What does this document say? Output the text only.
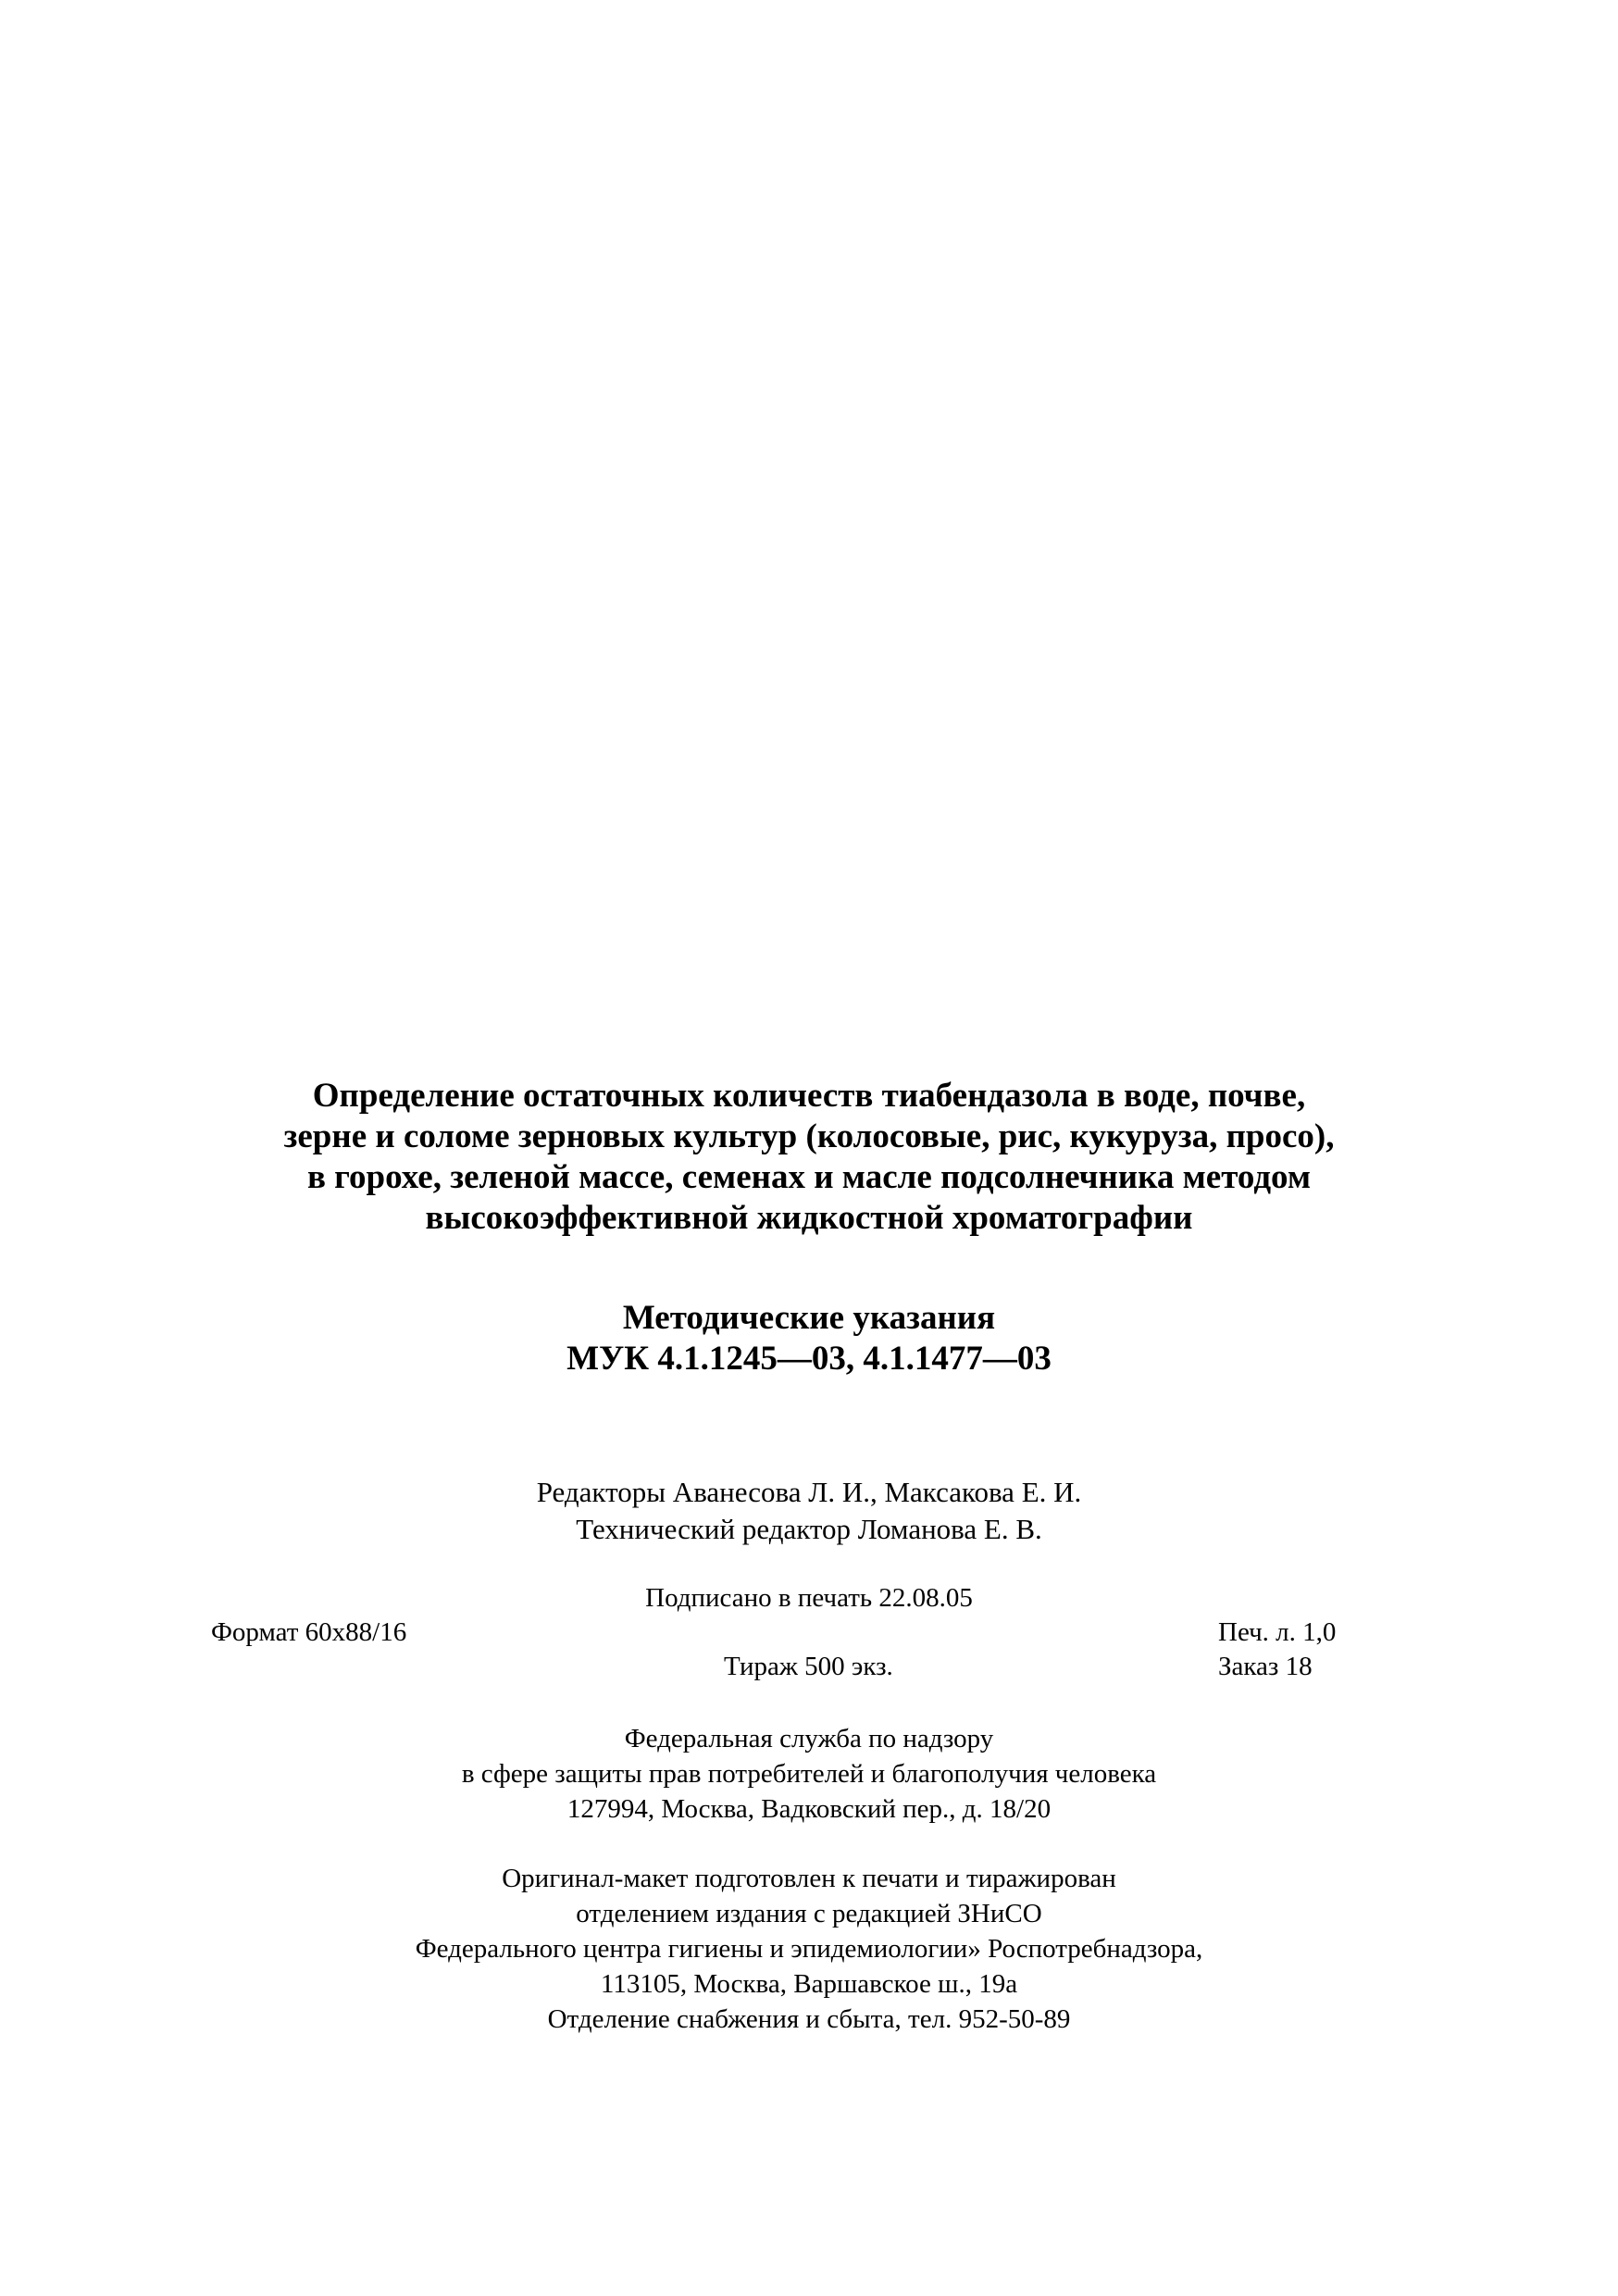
Определение остаточных количеств тиабендазола в воде, почве,
зерне и соломе зерновых культур (колосовые, рис, кукуруза, просо),
в горохе, зеленой массе, семенах и масле подсолнечника методом
высокоэффективной жидкостной хроматографии
Методические указания
МУК 4.1.1245—03, 4.1.1477—03
Редакторы Аванесова Л. И., Максакова Е. И.
Технический редактор Ломанова Е. В.
Подписано в печать 22.08.05
Формат 60x88/16	Печ. л. 1,0
Тираж 500 экз.	Заказ 18
Федеральная служба по надзору
в сфере защиты прав потребителей и благополучия человека
127994, Москва, Вадковский пер., д. 18/20
Оригинал-макет подготовлен к печати и тиражирован
отделением издания с редакцией ЗНиСО
Федерального центра гигиены и эпидемиологии» Роспотребнадзора,
113105, Москва, Варшавское ш., 19а
Отделение снабжения и сбыта, тел. 952-50-89
